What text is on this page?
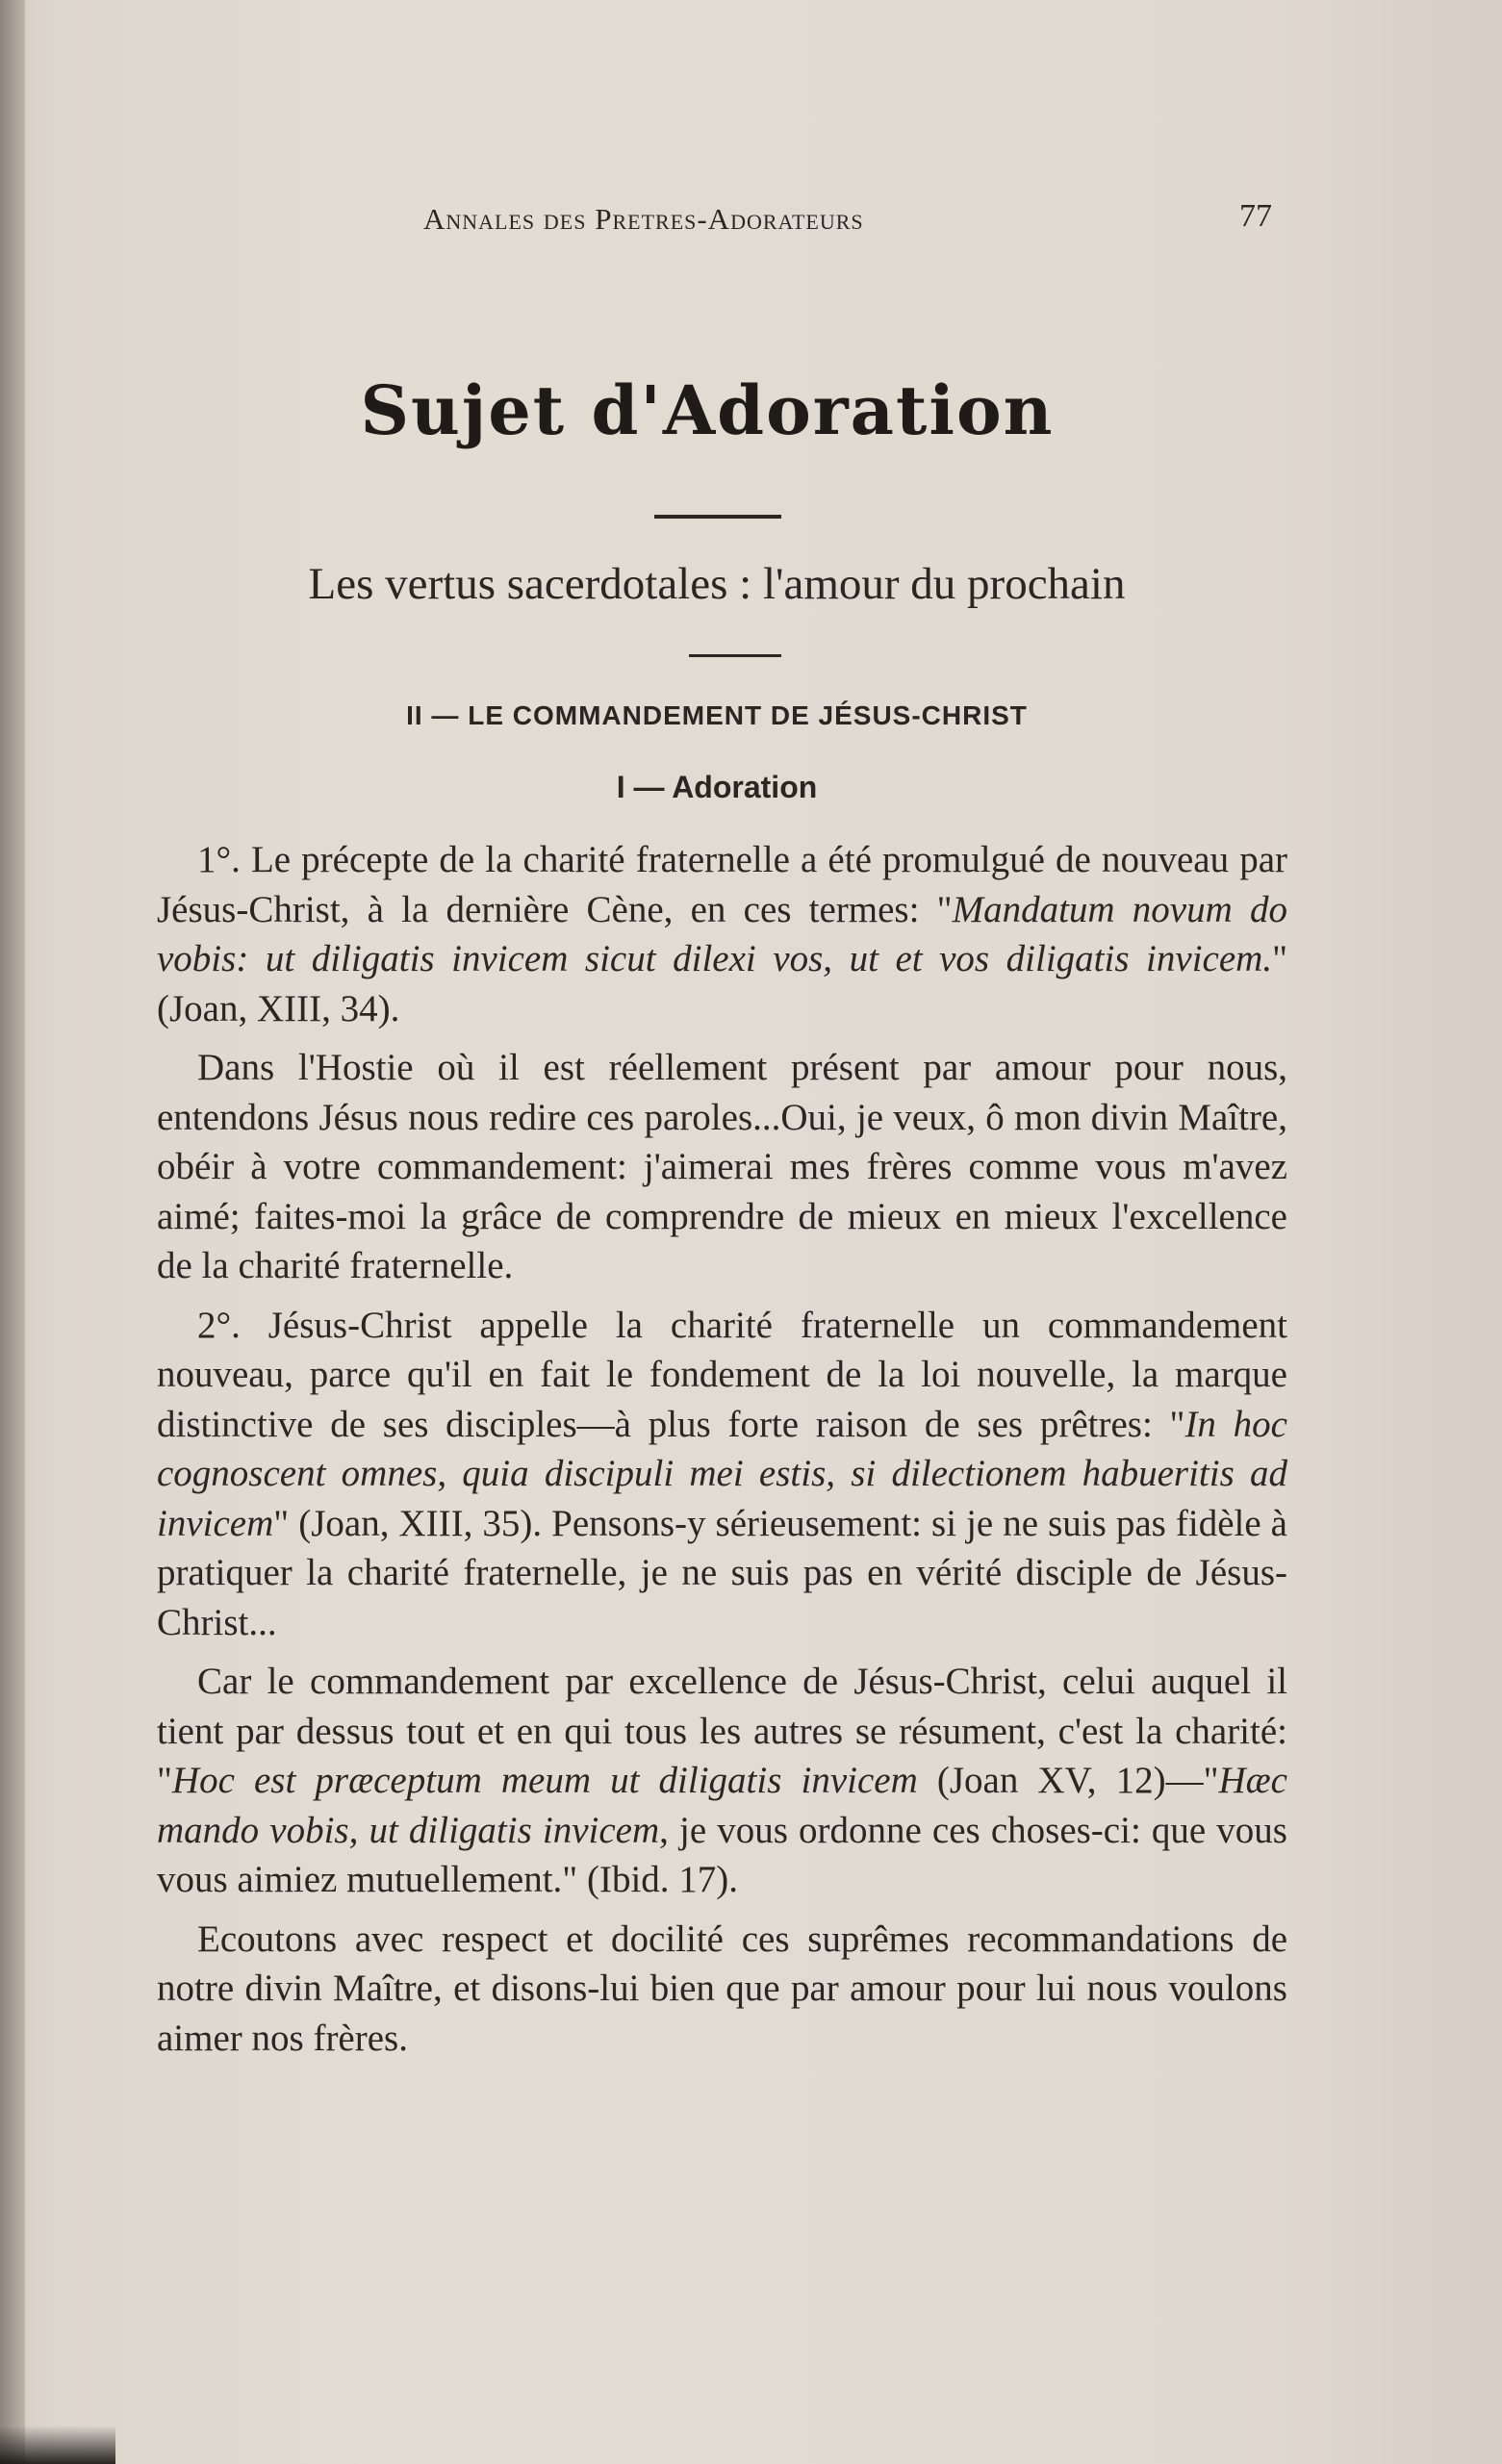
Annales des Pretres-Adorateurs	77
Sujet d'Adoration
Les vertus sacerdotales : l'amour du prochain
II — LE COMMANDEMENT DE JÉSUS-CHRIST
I — Adoration

1°. Le précepte de la charité fraternelle a été promulgué de nouveau par Jésus-Christ, à la dernière Cène, en ces termes: "Mandatum novum do vobis: ut diligatis invicem sicut dilexi vos, ut et vos diligatis invicem." (Joan, XIII, 34).

Dans l'Hostie où il est réellement présent par amour pour nous, entendons Jésus nous redire ces paroles...Oui, je veux, ô mon divin Maître, obéir à votre commandement: j'aimerai mes frères comme vous m'avez aimé; faites-moi la grâce de comprendre de mieux en mieux l'excellence de la charité fraternelle.

2°. Jésus-Christ appelle la charité fraternelle un commandement nouveau, parce qu'il en fait le fondement de la loi nouvelle, la marque distinctive de ses disciples—à plus forte raison de ses prêtres: "In hoc cognoscent omnes, quia discipuli mei estis, si dilectionem habueritis ad invicem" (Joan, XIII, 35). Pensons-y sérieusement: si je ne suis pas fidèle à pratiquer la charité fraternelle, je ne suis pas en vérité disciple de Jésus-Christ...

Car le commandement par excellence de Jésus-Christ, celui auquel il tient par dessus tout et en qui tous les autres se résument, c'est la charité: "Hoc est præceptum meum ut diligatis invicem (Joan XV, 12)—"Hæc mando vobis, ut diligatis invicem, je vous ordonne ces choses-ci: que vous vous aimiez mutuellement." (Ibid. 17).

Ecoutons avec respect et docilité ces suprêmes recommandations de notre divin Maître, et disons-lui bien que par amour pour lui nous voulons aimer nos frères.
